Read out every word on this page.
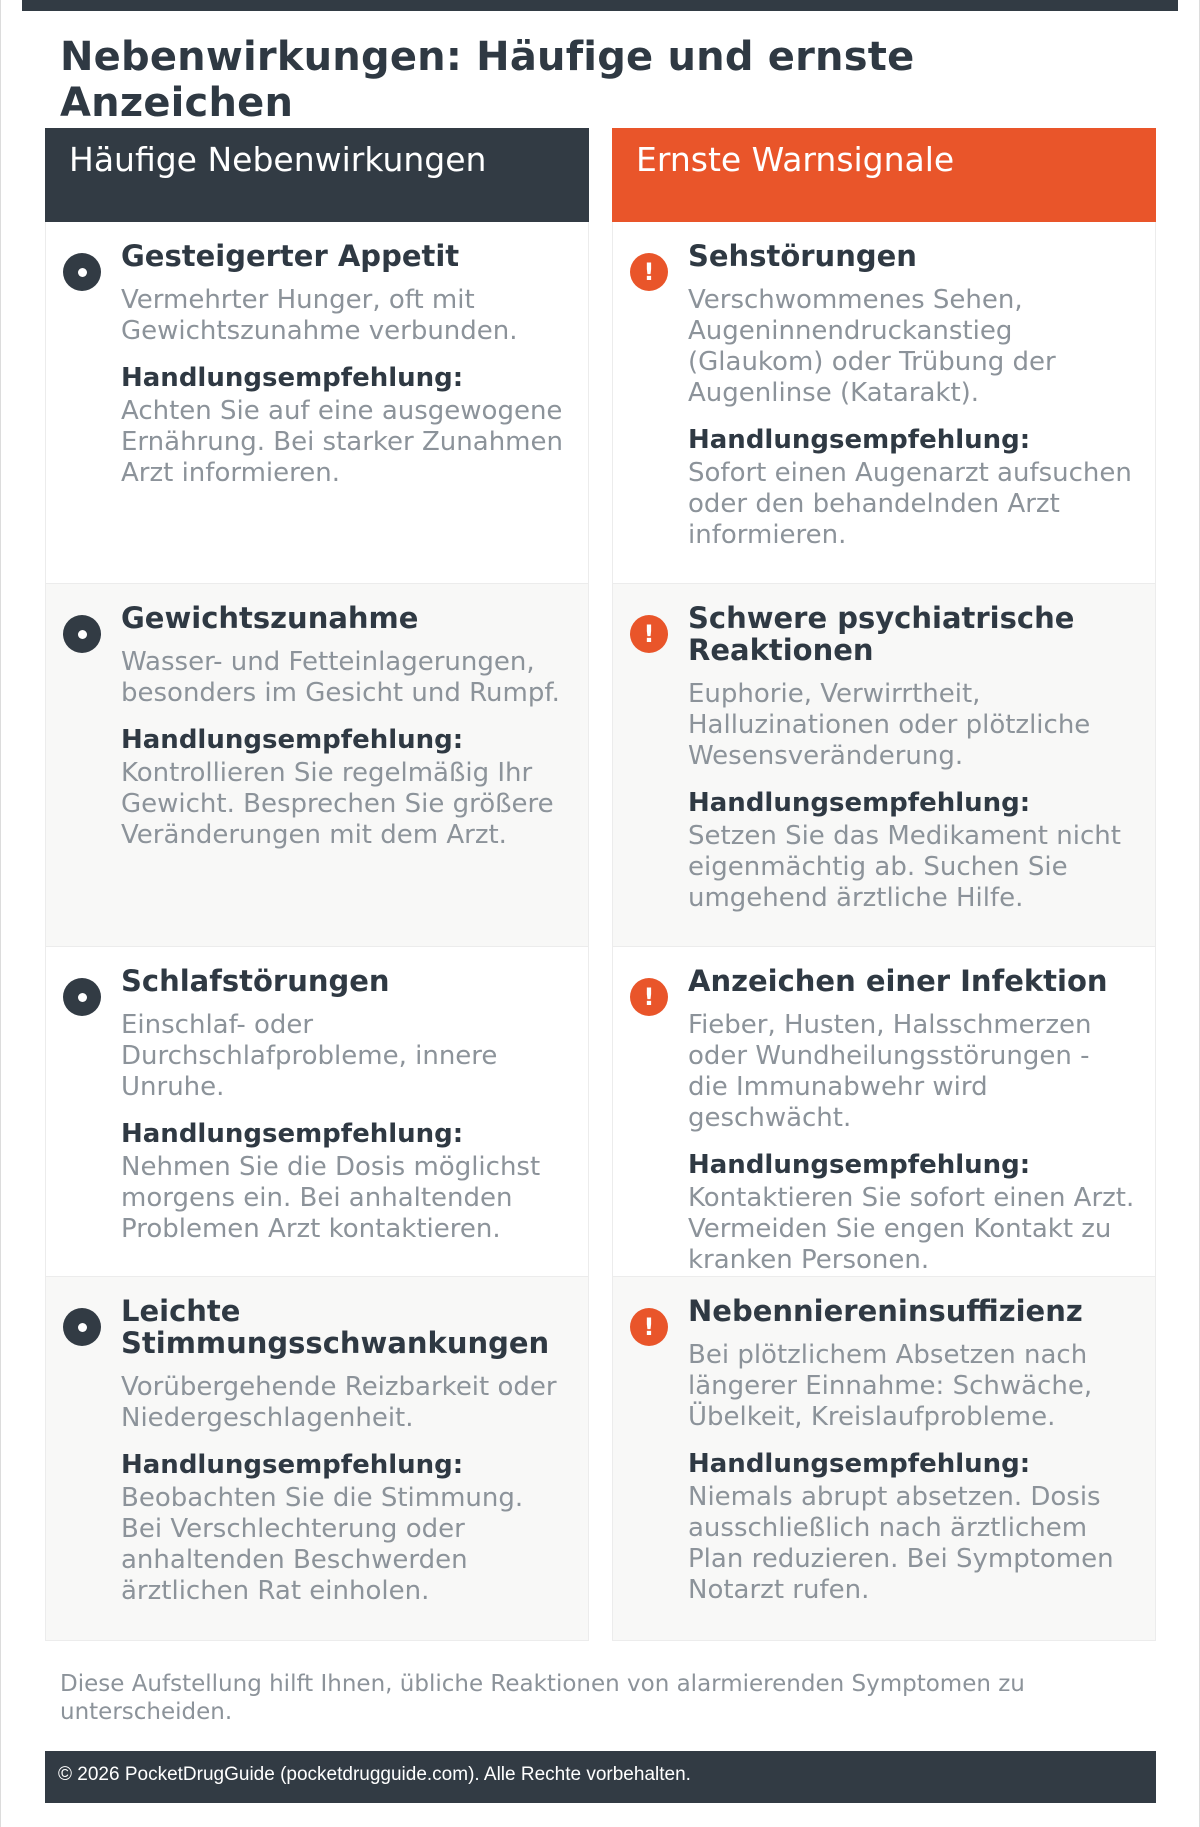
Nebenwirkungen: Häufige und ernste Anzeichen
Häufige Nebenwirkungen
Gesteigerter Appetit
Vermehrter Hunger, oft mit Gewichtszunahme verbunden.
Handlungsempfehlung:
Achten Sie auf eine ausgewogene Ernährung. Bei starker Zunahmen Arzt informieren.
Gewichtszunahme
Wasser- und Fetteinlagerungen, besonders im Gesicht und Rumpf.
Handlungsempfehlung:
Kontrollieren Sie regelmäßig Ihr Gewicht. Besprechen Sie größere Veränderungen mit dem Arzt.
Schlafstörungen
Einschlaf- oder Durchschlafprobleme, innere Unruhe.
Handlungsempfehlung:
Nehmen Sie die Dosis möglichst morgens ein. Bei anhaltenden Problemen Arzt kontaktieren.
Leichte Stimmungsschwankungen
Vorübergehende Reizbarkeit oder Niedergeschlagenheit.
Handlungsempfehlung:
Beobachten Sie die Stimmung. Bei Verschlechterung oder anhaltenden Beschwerden ärztlichen Rat einholen.
Ernste Warnsignale
!	Sehstörungen
Verschwommenes Sehen, Augeninnendruckanstieg (Glaukom) oder Trübung der Augenlinse (Katarakt).
Handlungsempfehlung:
Sofort einen Augenarzt aufsuchen oder den behandelnden Arzt informieren.
!	Schwere psychiatrische Reaktionen
Euphorie, Verwirrtheit, Halluzinationen oder plötzliche Wesensveränderung.
Handlungsempfehlung:
Setzen Sie das Medikament nicht eigenmächtig ab. Suchen Sie umgehend ärztliche Hilfe.
!	Anzeichen einer Infektion
Fieber, Husten, Halsschmerzen oder Wundheilungsstörungen - die Immunabwehr wird geschwächt.
Handlungsempfehlung:
Kontaktieren Sie sofort einen Arzt. Vermeiden Sie engen Kontakt zu kranken Personen.
!	Nebenniereninsuffizienz
Bei plötzlichem Absetzen nach längerer Einnahme: Schwäche, Übelkeit, Kreislaufprobleme.
Handlungsempfehlung:
Niemals abrupt absetzen. Dosis ausschließlich nach ärztlichem Plan reduzieren. Bei Symptomen Notarzt rufen.

Diese Aufstellung hilft Ihnen, übliche Reaktionen von alarmierenden Symptomen zu unterscheiden.

© 2026 PocketDrugGuide (pocketdrugguide.com). Alle Rechte vorbehalten.
